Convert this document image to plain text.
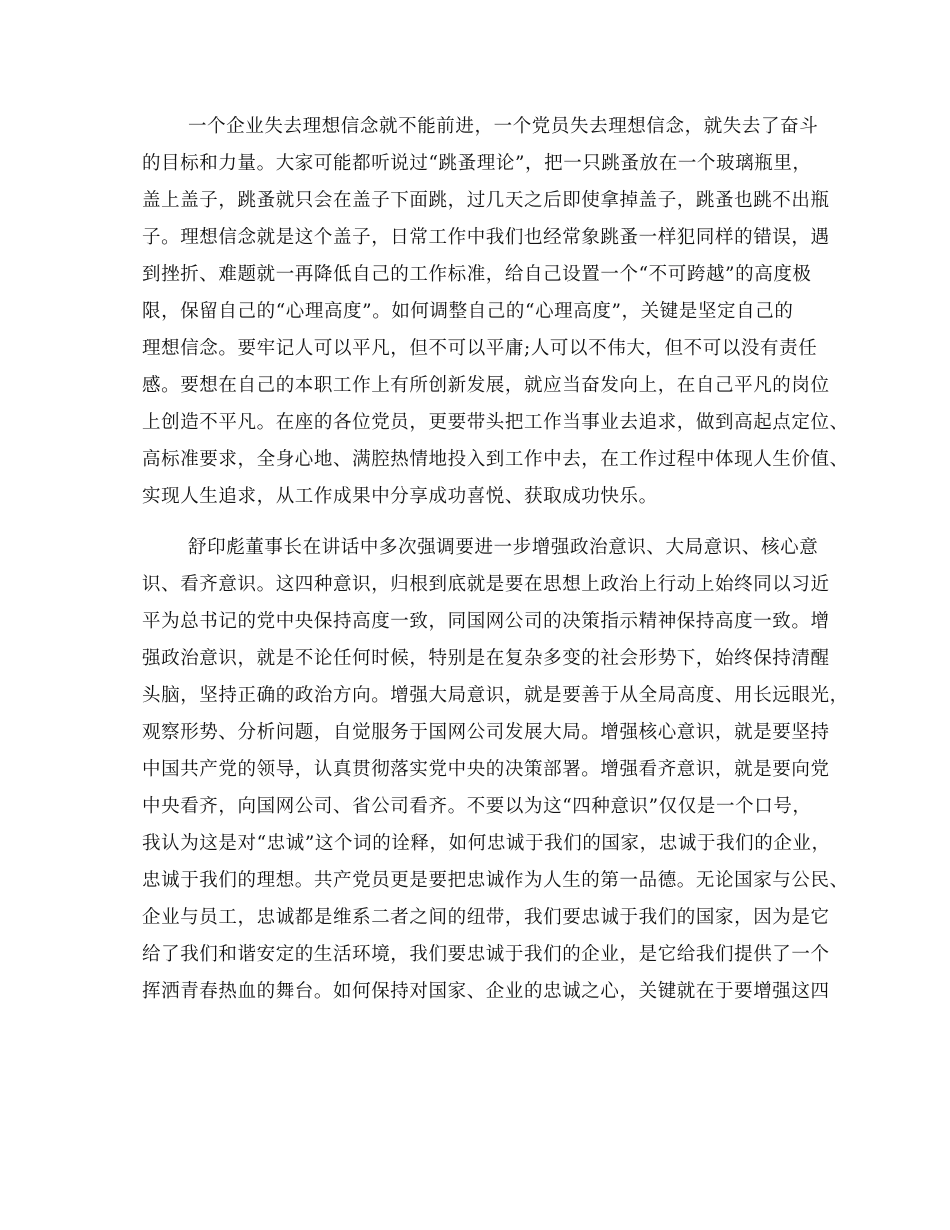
一个企业失去理想信念就不能前进，一个党员失去理想信念，就失去了奋斗
的目标和力量。大家可能都听说过“跳蚤理论”，把一只跳蚤放在一个玻璃瓶里，
盖上盖子，跳蚤就只会在盖子下面跳，过几天之后即使拿掉盖子，跳蚤也跳不出瓶
子。理想信念就是这个盖子，日常工作中我们也经常象跳蚤一样犯同样的错误，遇
到挫折、难题就一再降低自己的工作标准，给自己设置一个“不可跨越”的高度极
限，保留自己的“心理高度”。如何调整自己的“心理高度”，关键是坚定自己的
理想信念。要牢记人可以平凡，但不可以平庸;人可以不伟大，但不可以没有责任
感。要想在自己的本职工作上有所创新发展，就应当奋发向上，在自己平凡的岗位
上创造不平凡。在座的各位党员，更要带头把工作当事业去追求，做到高起点定位、
高标准要求，全身心地、满腔热情地投入到工作中去，在工作过程中体现人生价值、
实现人生追求，从工作成果中分享成功喜悦、获取成功快乐。
舒印彪董事长在讲话中多次强调要进一步增强政治意识、大局意识、核心意
识、看齐意识。这四种意识，归根到底就是要在思想上政治上行动上始终同以习近
平为总书记的党中央保持高度一致，同国网公司的决策指示精神保持高度一致。增
强政治意识，就是不论任何时候，特别是在复杂多变的社会形势下，始终保持清醒
头脑，坚持正确的政治方向。增强大局意识，就是要善于从全局高度、用长远眼光，
观察形势、分析问题，自觉服务于国网公司发展大局。增强核心意识，就是要坚持
中国共产党的领导，认真贯彻落实党中央的决策部署。增强看齐意识，就是要向党
中央看齐，向国网公司、省公司看齐。不要以为这“四种意识”仅仅是一个口号，
我认为这是对“忠诚”这个词的诠释，如何忠诚于我们的国家，忠诚于我们的企业，
忠诚于我们的理想。共产党员更是要把忠诚作为人生的第一品德。无论国家与公民、
企业与员工，忠诚都是维系二者之间的纽带，我们要忠诚于我们的国家，因为是它
给了我们和谐安定的生活环境，我们要忠诚于我们的企业，是它给我们提供了一个
挥洒青春热血的舞台。如何保持对国家、企业的忠诚之心，关键就在于要增强这四
